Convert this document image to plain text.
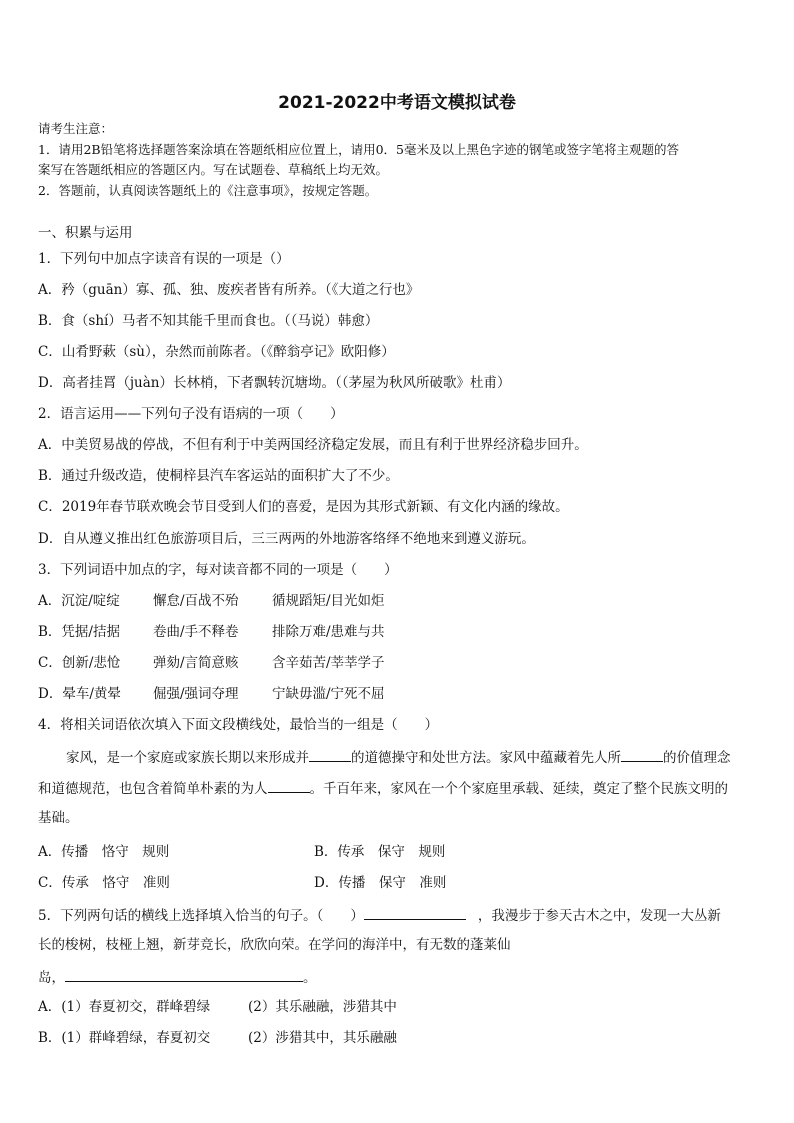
2021-2022中考语文模拟试卷
请考生注意：
1．请用2B铅笔将选择题答案涂填在答题纸相应位置上，请用0．5毫米及以上黑色字迹的钢笔或签字笔将主观题的答
案写在答题纸相应的答题区内。写在试题卷、草稿纸上均无效。
2．答题前，认真阅读答题纸上的《注意事项》，按规定答题。
一、积累与运用
1．下列句中加点字读音有误的一项是（）
A．矜（guān）寡、孤、独、废疾者皆有所养。（《大道之行也》
B．食（shí）马者不知其能千里而食也。（（马说）韩愈）
C．山肴野蔌（sù），杂然而前陈者。（《醉翁亭记》欧阳修）
D．高者挂罥（juàn）长林梢，下者飘转沉塘坳。（（茅屋为秋风所破歌》杜甫）
2．语言运用——下列句子没有语病的一项（　　）
A．中美贸易战的停战，不但有利于中美两国经济稳定发展，而且有利于世界经济稳步回升。
B．通过升级改造，使桐梓县汽车客运站的面积扩大了不少。
C．2019年春节联欢晚会节目受到人们的喜爱，是因为其形式新颖、有文化内涵的缘故。
D．自从遵义推出红色旅游项目后，三三两两的外地游客络绎不绝地来到遵义游玩。
3．下列词语中加点的字，每对读音都不同的一项是（　　）
A．沉淀/啶绽 懈怠/百战不殆 循规蹈矩/目光如炬
B．凭据/拮据 卷曲/手不释卷 排除万难/患难与共
C．创新/悲怆 弹劾/言简意赅 含辛茹苦/莘莘学子
D．晕车/黄晕 倔强/强词夺理 宁缺毋滥/宁死不屈
4．将相关词语依次填入下面文段横线处，最恰当的一组是（　　）
家风，是一个家庭或家族长期以来形成并	的道德操守和处世方法。家风中蕴藏着先人所	的价值理念
和道德规范，也包含着简单朴素的为人	。千百年来，家风在一个个家庭里承载、延续，奠定了整个民族文明的
基础。
A．传播　恪守　规则	B．传承　保守　规则
C．传承　恪守　准则	D．传播　保守　准则
5．下列两句话的横线上选择填入恰当的句子。（　　）	，我漫步于参天古木之中，发现一大丛新
长的梭树，枝桠上翘，新芽竞长，欣欣向荣。在学问的海洋中，有无数的蓬莱仙
岛，	。
A．(1）春夏初交，群峰碧绿	(2）其乐融融，涉猎其中
B．(1）群峰碧绿，春夏初交	(2）涉猎其中，其乐融融
